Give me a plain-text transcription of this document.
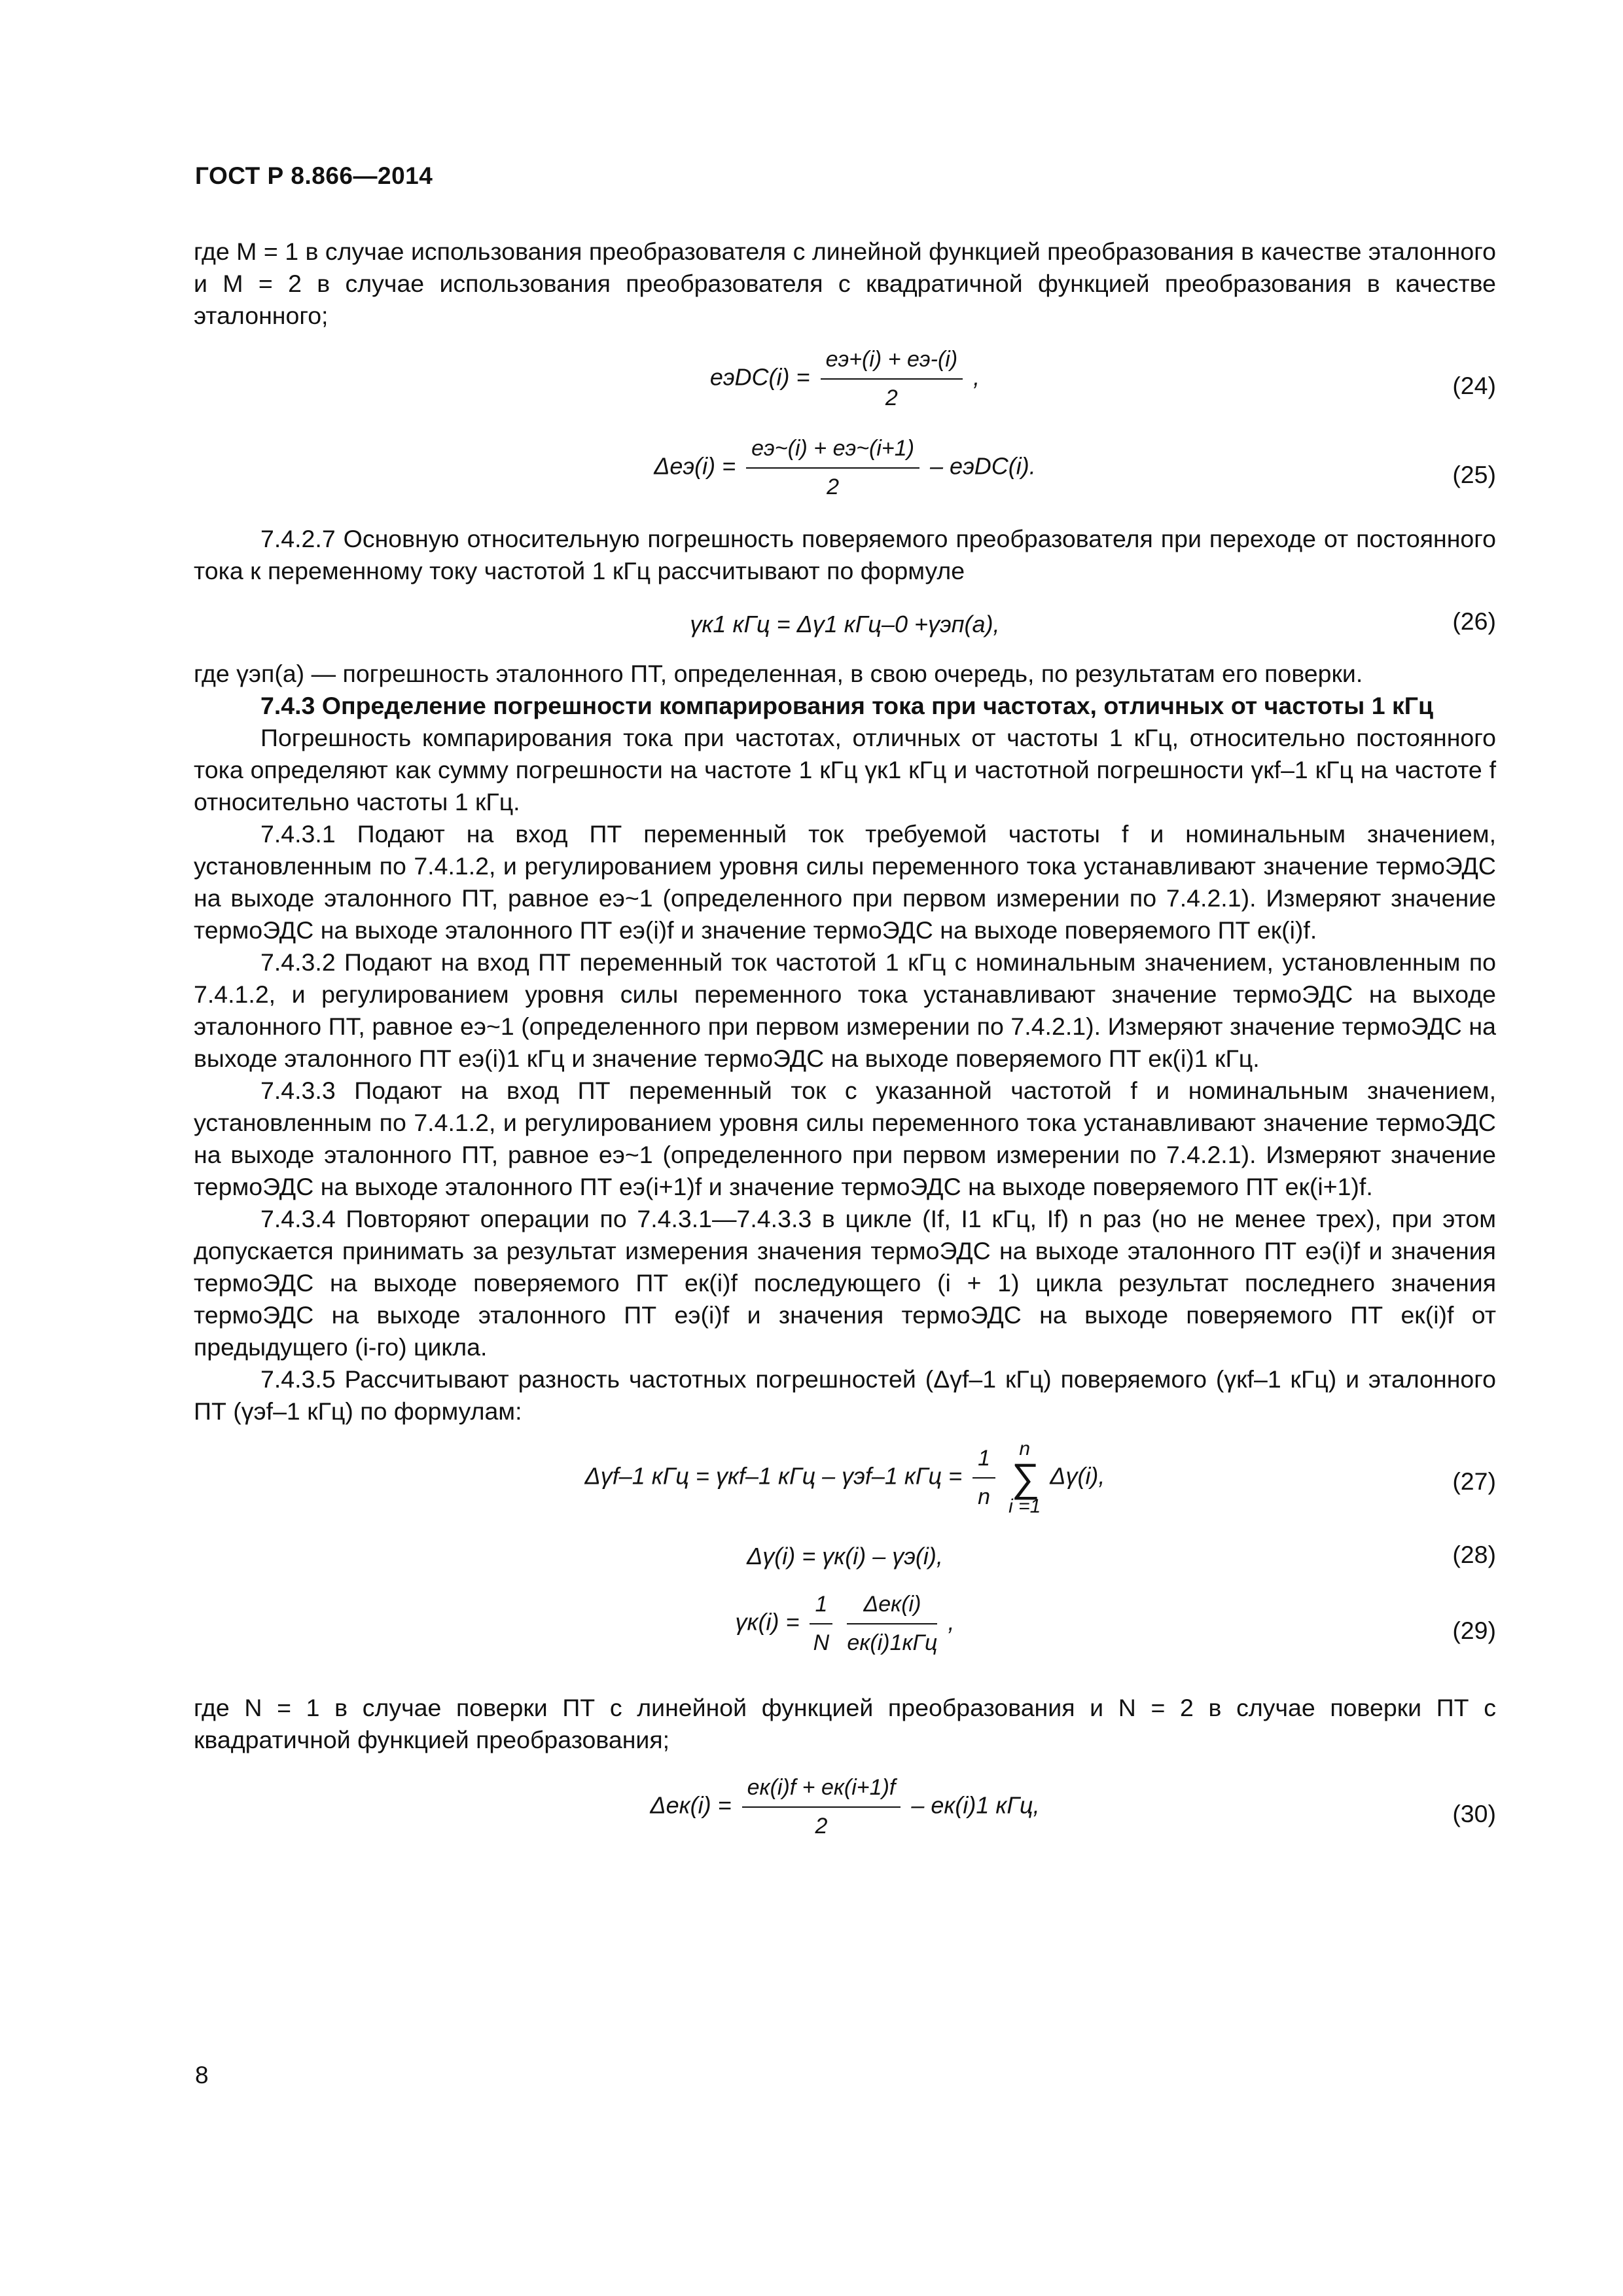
ГОСТ Р 8.866—2014

где M = 1 в случае использования преобразователя с линейной функцией преобразования в качестве эталонного и M = 2 в случае использования преобразователя с квадратичной функцией преобразования в качестве эталонного;

eэDC(i) = $\frac{eэ+(i) + eэ-(i)}{2}$ ,	(24)
$\Delta eэ(i) = \frac{eэ\sim(i) + eэ\sim(i+1)}{2}$ – eэDC(i).	(25)

7.4.2.7 Основную относительную погрешность поверяемого преобразователя при переходе от постоянного тока к переменному току частотой 1 кГц рассчитывают по формуле

γк1 кГц = Δγ1 кГц–0 +γэп(a),	(26)

где γэп(a) — погрешность эталонного ПТ, определенная, в свою очередь, по результатам его поверки.

7.4.3 Определение погрешности компарирования тока при частотах, отличных от частоты 1 кГц

Погрешность компарирования тока при частотах, отличных от частоты 1 кГц, относительно постоянного тока определяют как сумму погрешности на частоте 1 кГц γк1 кГц и частотной погрешности γкf–1 кГц на частоте f относительно частоты 1 кГц.

7.4.3.1 Подают на вход ПТ переменный ток требуемой частоты f и номинальным значением, установленным по 7.4.1.2, и регулированием уровня силы переменного тока устанавливают значение термоЭДС на выходе эталонного ПТ, равное eэ~1 (определенного при первом измерении по 7.4.2.1). Измеряют значение термоЭДС на выходе эталонного ПТ eэ(i)f и значение термоЭДС на выходе поверяемого ПТ eк(i)f.

7.4.3.2 Подают на вход ПТ переменный ток частотой 1 кГц с номинальным значением, установленным по 7.4.1.2, и регулированием уровня силы переменного тока устанавливают значение термоЭДС на выходе эталонного ПТ, равное eэ~1 (определенного при первом измерении по 7.4.2.1). Измеряют значение термоЭДС на выходе эталонного ПТ eэ(i)1 кГц и значение термоЭДС на выходе поверяемого ПТ eк(i)1 кГц.

7.4.3.3 Подают на вход ПТ переменный ток с указанной частотой f и номинальным значением, установленным по 7.4.1.2, и регулированием уровня силы переменного тока устанавливают значение термоЭДС на выходе эталонного ПТ, равное eэ~1 (определенного при первом измерении по 7.4.2.1). Измеряют значение термоЭДС на выходе эталонного ПТ eэ(i+1)f и значение термоЭДС на выходе поверяемого ПТ eк(i+1)f.

7.4.3.4 Повторяют операции по 7.4.3.1—7.4.3.3 в цикле (If, I1 кГц, If) n раз (но не менее трех), при этом допускается принимать за результат измерения значения термоЭДС на выходе эталонного ПТ eэ(i)f и значения термоЭДС на выходе поверяемого ПТ eк(i)f последующего (i + 1) цикла результат последнего значения термоЭДС на выходе эталонного ПТ eэ(i)f и значения термоЭДС на выходе поверяемого ПТ eк(i)f от предыдущего (i-го) цикла.

7.4.3.5 Рассчитывают разность частотных погрешностей (Δγf–1 кГц) поверяемого (γкf–1 кГц) и эталонного ПТ (γэf–1 кГц) по формулам:

Δγf–1 кГц = γкf–1 кГц – γэf–1 кГц = $\frac{1}{n}$ n
∑
i =1 Δγ(i),	(27)
Δγ(i) = γк(i) – γэ(i),	(28)
$\gamma к(i) = \frac{1}{N}$
$\frac{\text{Δeк(i)}}{\text{eк(i)1кГц}}$ ,	(29)

где N = 1 в случае поверки ПТ с линейной функцией преобразования и N = 2 в случае поверки ПТ с квадратичной функцией преобразования;

$\Delta eк(i) = \frac{eк(i)f + eк(i+1)f}{2} - eк(i)1$ кГц,	(30)
8
